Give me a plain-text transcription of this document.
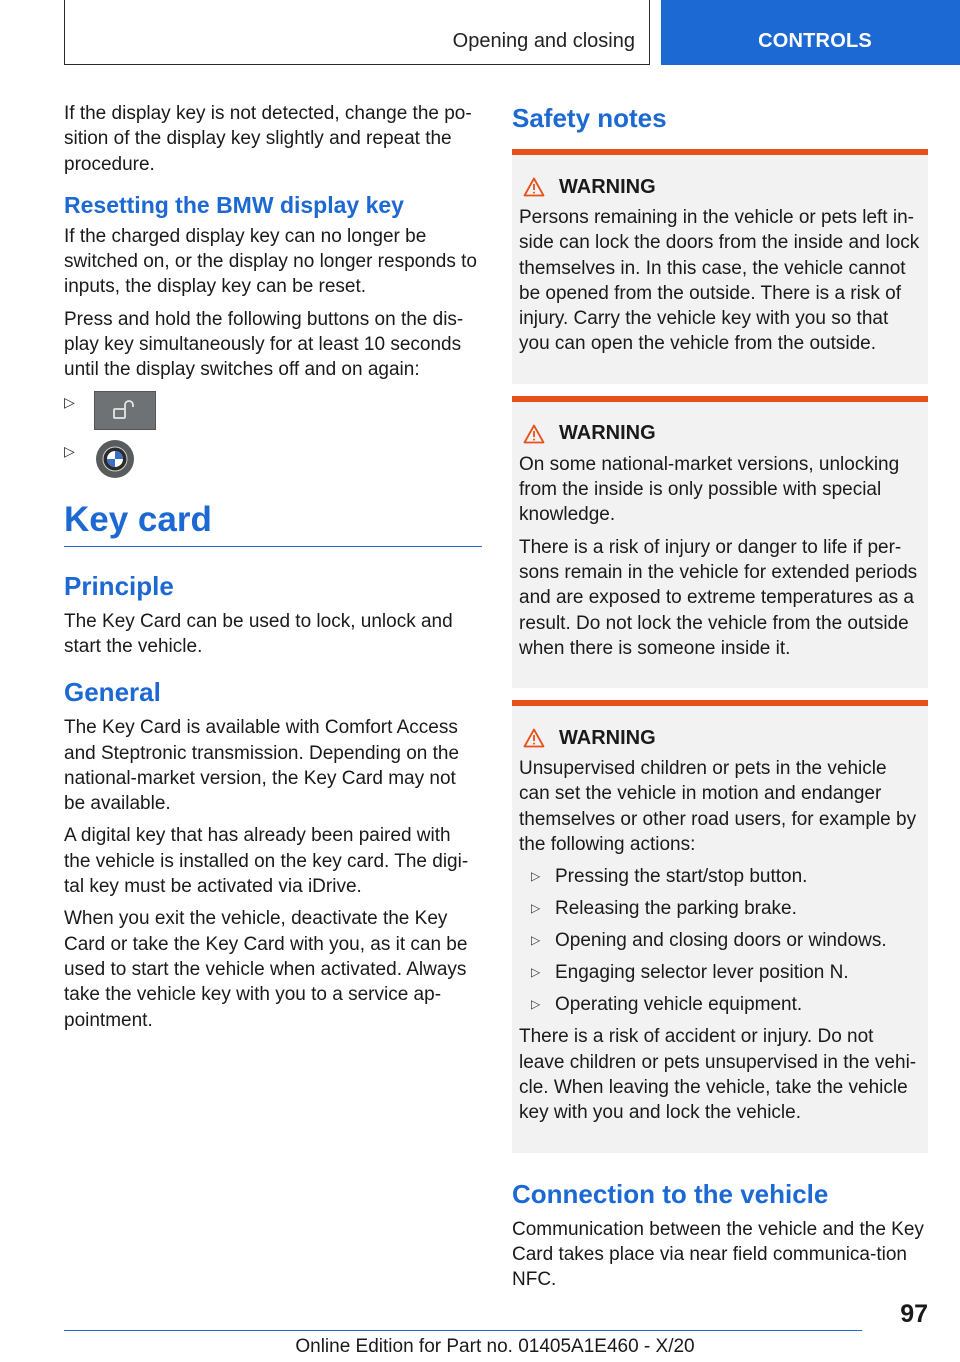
Opening and closing	CONTROLS

If the display key is not detected, change the po‐sition of the display key slightly and repeat the procedure.

Resetting the BMW display key

If the charged display key can no longer be switched on, or the display no longer responds to inputs, the display key can be reset.

Press and hold the following buttons on the dis‐play key simultaneously for at least 10 seconds until the display switches off and on again:

▷
▷
Key card
Principle

The Key Card can be used to lock, unlock and start the vehicle.

General

The Key Card is available with Comfort Access and Steptronic transmission. Depending on the national-market version, the Key Card may not be available.

A digital key that has already been paired with the vehicle is installed on the key card. The digi‐tal key must be activated via iDrive.

When you exit the vehicle, deactivate the Key Card or take the Key Card with you, as it can be used to start the vehicle when activated. Always take the vehicle key with you to a service ap‐pointment.

Safety notes
WARNING

Persons remaining in the vehicle or pets left in‐side can lock the doors from the inside and lock themselves in. In this case, the vehicle cannot be opened from the outside. There is a risk of injury. Carry the vehicle key with you so that you can open the vehicle from the outside.

WARNING

On some national-market versions, unlocking from the inside is only possible with special knowledge.

There is a risk of injury or danger to life if per‐sons remain in the vehicle for extended periods and are exposed to extreme temperatures as a result. Do not lock the vehicle from the outside when there is someone inside it.

WARNING

Unsupervised children or pets in the vehicle can set the vehicle in motion and endanger themselves or other road users, for example by the following actions:

▷ Pressing the start/stop button.
▷ Releasing the parking brake.
▷ Opening and closing doors or windows.
▷ Engaging selector lever position N.
▷ Operating vehicle equipment.

There is a risk of accident or injury. Do not leave children or pets unsupervised in the vehi‐cle. When leaving the vehicle, take the vehicle key with you and lock the vehicle.

Connection to the vehicle

Communication between the vehicle and the Key Card takes place via near field communica‐tion NFC.

97
Online Edition for Part no. 01405A1E460 - X/20
